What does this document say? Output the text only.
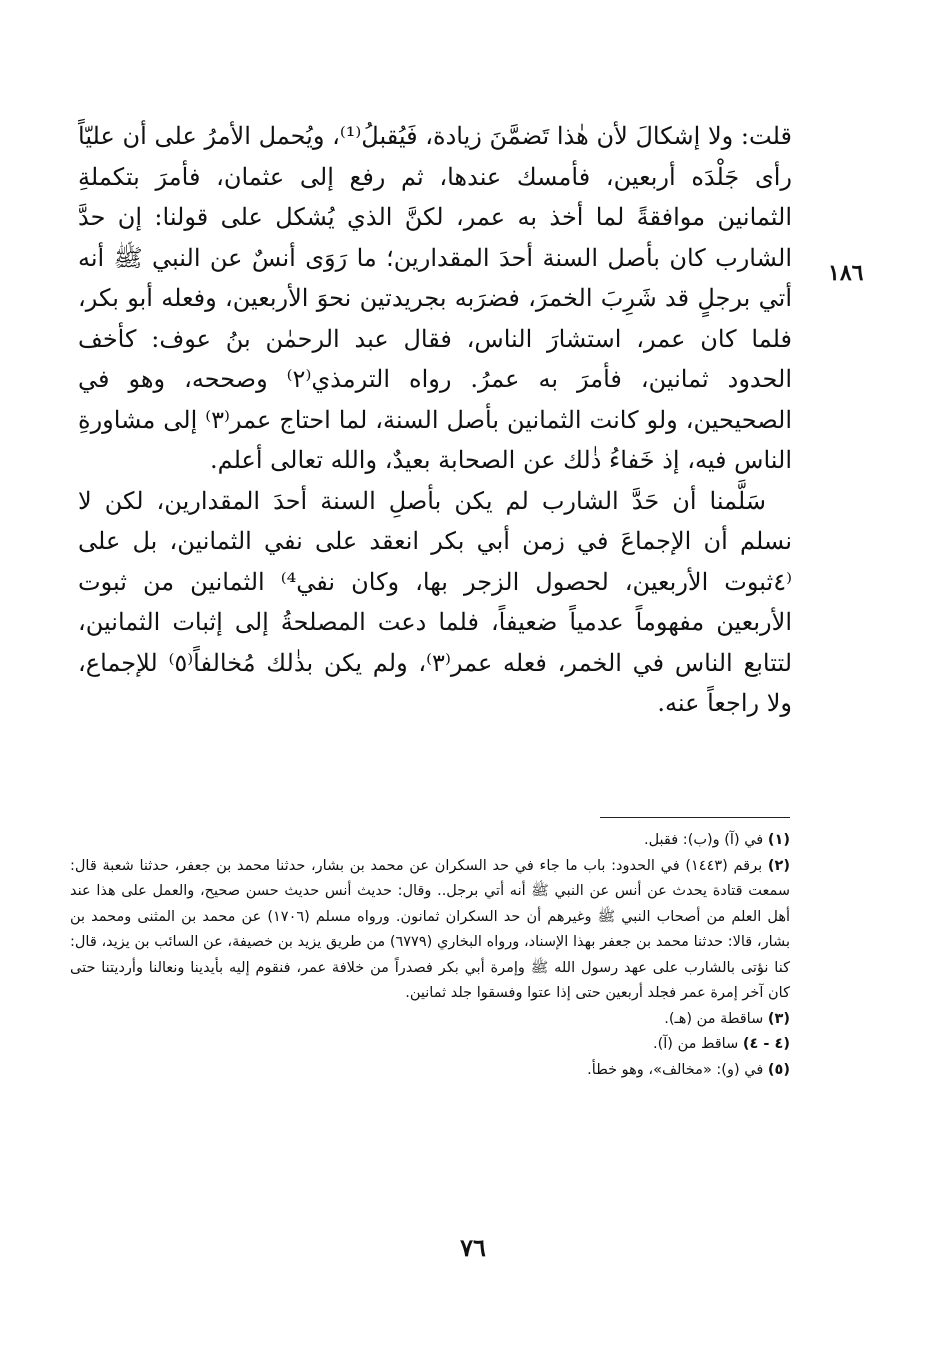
١٨٦

قلت: ولا إشكالَ لأن هٰذا تَضمَّنَ زيادة، فَيُقبلُ⁽¹⁾، ويُحمل الأمرُ على أن عليّاً رأى جَلْدَه أربعين، فأمسك عندها، ثم رفع إلى عثمان، فأمرَ بتكملةِ الثمانين موافقةً لما أخذ به عمر، لكنَّ الذي يُشكل على قولنا: إن حدَّ الشارب كان بأصل السنة أحدَ المقدارين؛ ما رَوَى أنسٌ عن النبي ﷺ أنه أتي برجلٍ قد شَرِبَ الخمرَ، فضرَبه بجريدتين نحوَ الأربعين، وفعله أبو بكر، فلما كان عمر، استشارَ الناس، فقال عبد الرحمٰن بنُ عوف: كأخف الحدود ثمانين، فأمرَ به عمرُ. رواه الترمذي⁽٢⁾ وصححه، وهو في الصحيحين، ولو كانت الثمانين بأصل السنة، لما احتاج عمر⁽٣⁾ إلى مشاورةِ الناس فيه، إذ خَفاءُ ذٰلك عن الصحابة بعيدٌ، والله تعالى أعلم.

سَلَّمنا أن حَدَّ الشارب لم يكن بأصلِ السنة أحدَ المقدارين، لكن لا نسلم أن الإجماعَ في زمن أبي بكر انعقد على نفي الثمانين، بل على ⁽٤ثبوت الأربعين، لحصول الزجر بها، وكان نفي⁴⁾ الثمانين من ثبوت الأربعين مفهوماً عدمياً ضعيفاً، فلما دعت المصلحةُ إلى إثبات الثمانين، لتتابع الناس في الخمر، فعله عمر⁽٣⁾، ولم يكن بذٰلك مُخالفاً⁽٥⁾ للإجماع، ولا راجعاً عنه.

(١) في (آ) و(ب): فقبل.

(٢) برقم (١٤٤٣) في الحدود: باب ما جاء في حد السكران عن محمد بن بشار، حدثنا محمد بن جعفر، حدثنا شعبة قال: سمعت قتادة يحدث عن أنس عن النبي ﷺ أنه أتي برجل.. وقال: حديث أنس حديث حسن صحيح، والعمل على هذا عند أهل العلم من أصحاب النبي ﷺ وغيرهم أن حد السكران ثمانون. ورواه مسلم (١٧٠٦) عن محمد بن المثنى ومحمد بن بشار، قالا: حدثنا محمد بن جعفر بهذا الإسناد، ورواه البخاري (٦٧٧٩) من طريق يزيد بن خصيفة، عن السائب بن يزيد، قال: كنا نؤتى بالشارب على عهد رسول الله ﷺ وإمرة أبي بكر فصدراً من خلافة عمر، فنقوم إليه بأيدينا ونعالنا وأرديتنا حتى كان آخر إمرة عمر فجلد أربعين حتى إذا عتوا وفسقوا جلد ثمانين.

(٣) ساقطة من (هـ).

(٤ - ٤) ساقط من (آ).

(٥) في (و): «مخالف»، وهو خطأ.

٧٦
